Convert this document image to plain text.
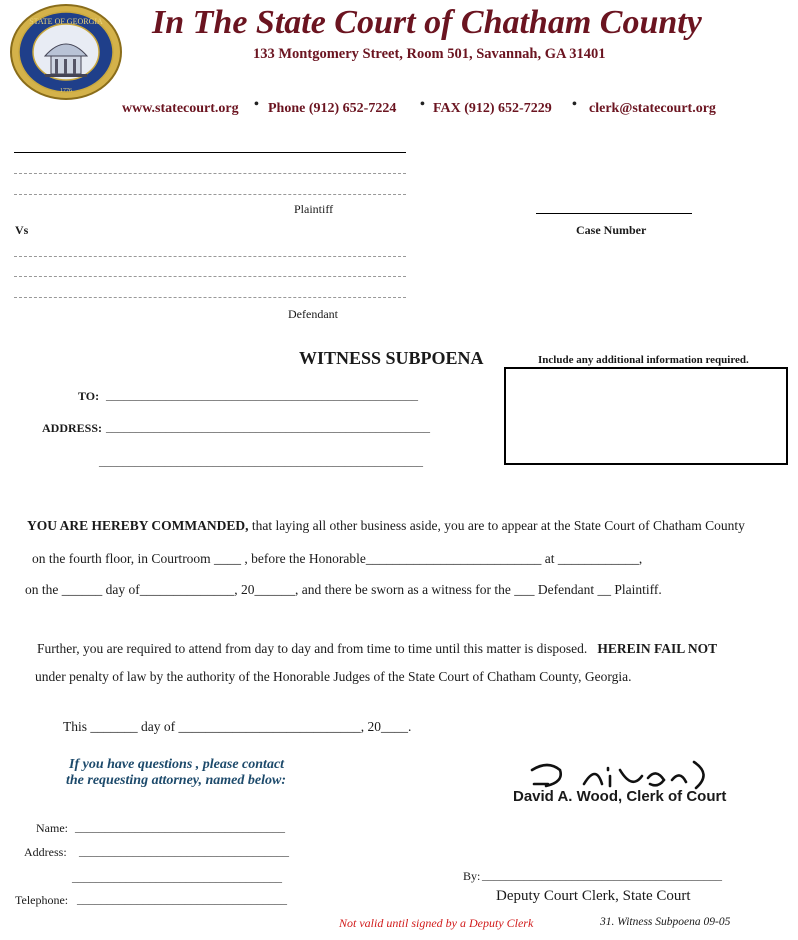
STATE OF GEORGIA
1776
In The State Court of Chatham County
133 Montgomery Street, Room 501, Savannah, GA 31401
www.statecourt.org • Phone (912) 652-7224 • FAX (912) 652-7229 • clerk@statecourt.org
Plaintiff
Vs
Defendant
Case Number
WITNESS SUBPOENA	Include any additional information required.
TO: ____________________________________________________
ADDRESS: ______________________________________________________
______________________________________________________
YOU ARE HEREBY COMMANDED, that laying all other business aside, you are to appear at the State Court of Chatham County
on the fourth floor, in Courtroom ____ , before the Honorable__________________________ at ____________,
on the ______ day of______________, 20______, and there be sworn as a witness for the ___ Defendant __ Plaintiff.
Further, you are required to attend from day to day and from time to time until this matter is disposed. HEREIN FAIL NOT
under penalty of law by the authority of the Honorable Judges of the State Court of Chatham County, Georgia.
This _______ day of ___________________________, 20____.
If you have questions , please contact
the requesting attorney, named below:
Name: ___________________________________
Address: ___________________________________
___________________________________
Telephone: ___________________________________
David A. Wood, Clerk of Court
By: ________________________________________
Deputy Court Clerk, State Court
Not valid until signed by a Deputy Clerk	31. Witness Subpoena 09-05
